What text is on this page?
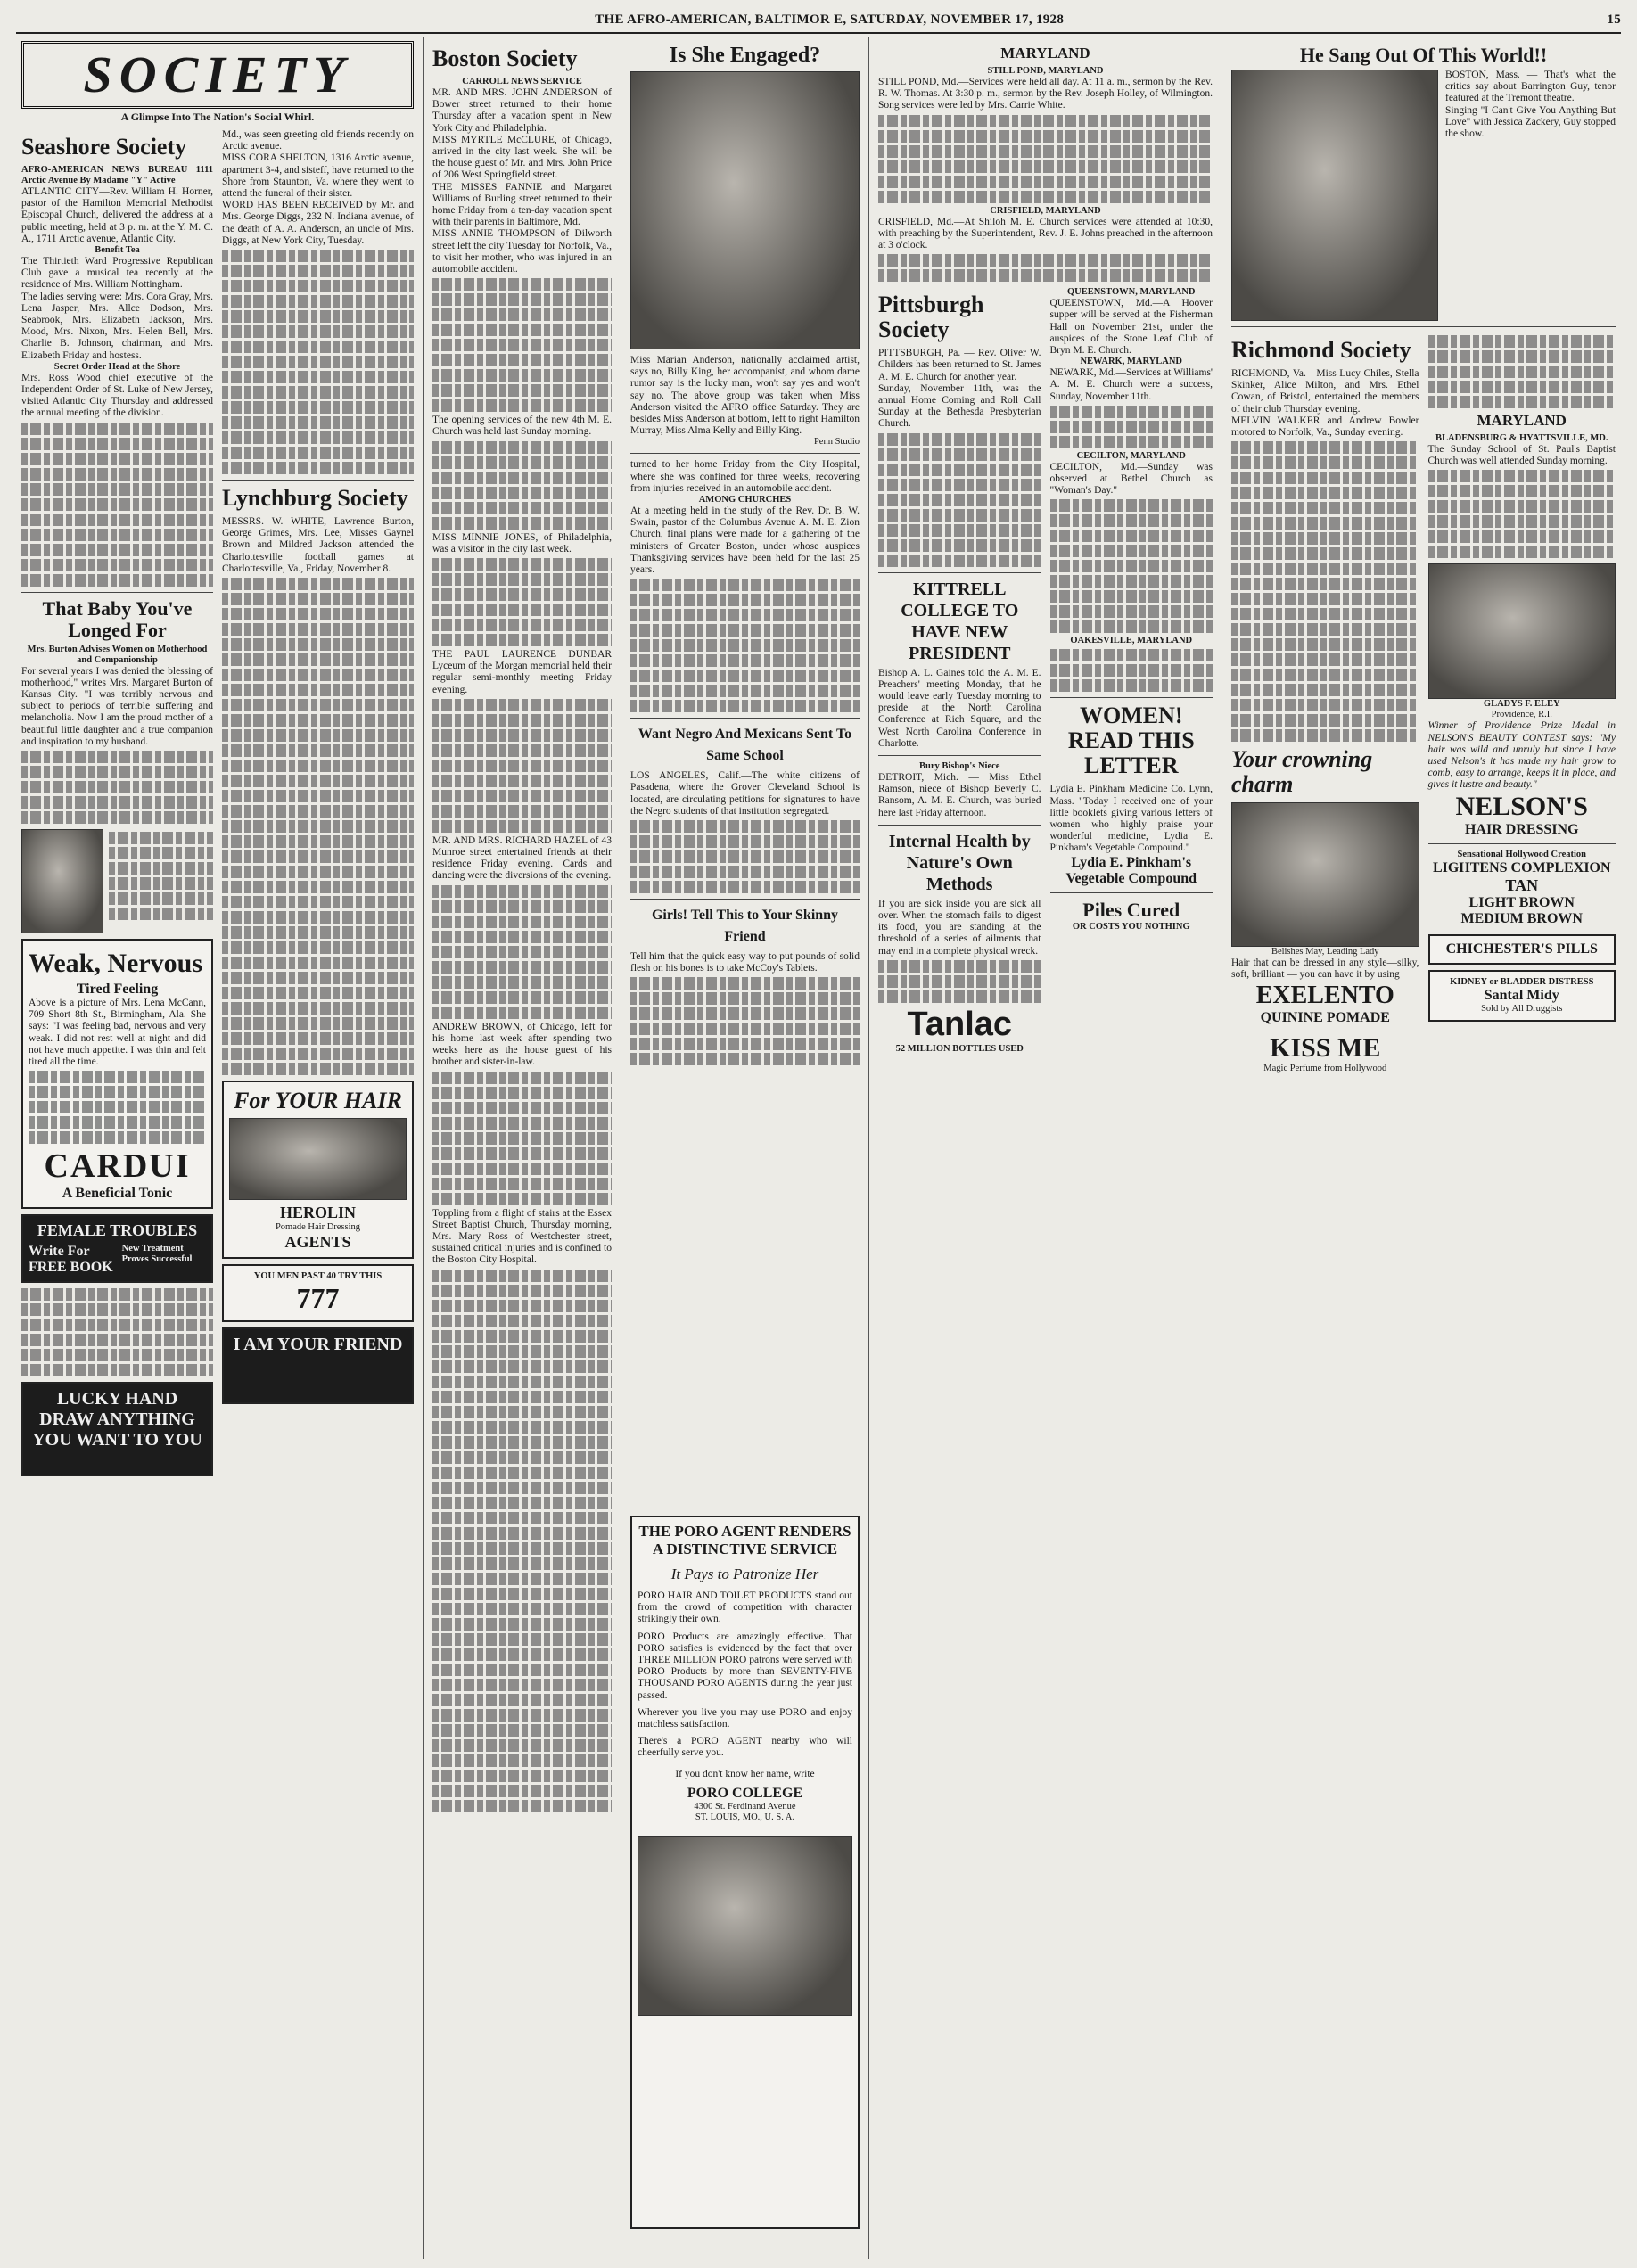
THE AFRO-AMERICAN, BALTIMOR E, SATURDAY, NOVEMBER 17, 1928	15
SOCIETY
A Glimpse Into The Nation's Social Whirl.
Seashore Society
AFRO-AMERICAN NEWS BUREAU 1111 Arctic Avenue By Madame "Y" Active
ATLANTIC CITY—Rev. William H. Horner, pastor of the Hamilton Memorial Methodist Episcopal Church, delivered the address at a public meeting, held at 3 p. m. at the Y. M. C. A., 1711 Arctic avenue, Atlantic City.
Benefit Tea
The Thirtieth Ward Progressive Republican Club gave a musical tea recently at the residence of Mrs. William Nottingham.
The ladies serving were: Mrs. Cora Gray, Mrs. Lena Jasper, Mrs. Allce Dodson, Mrs. Seabrook, Mrs. Elizabeth Jackson, Mrs. Mood, Mrs. Nixon, Mrs. Helen Bell, Mrs. Charlie B. Johnson, chairman, and Mrs. Elizabeth Friday and hostess.
Secret Order Head at the Shore
Mrs. Ross Wood chief executive of the Independent Order of St. Luke of New Jersey, visited Atlantic City Thursday and addressed the annual meeting of the division.
That Baby You've Longed For
Mrs. Burton Advises Women on Motherhood and Companionship
For several years I was denied the blessing of motherhood," writes Mrs. Margaret Burton of Kansas City. "I was terribly nervous and subject to periods of terrible suffering and melancholia. Now I am the proud mother of a beautiful little daughter and a true companion and inspiration to my husband.
Weak, Nervous
Tired Feeling
Above is a picture of Mrs. Lena McCann, 709 Short 8th St., Birmingham, Ala. She says: "I was feeling bad, nervous and very weak. I did not rest well at night and did not have much appetite. I was thin and felt tired all the time.
CARDUI
A Beneficial Tonic
FEMALE TROUBLES
Write For FREE BOOK
New Treatment Proves Successful
LUCKY HAND DRAW ANYTHING YOU WANT TO YOU
Md., was seen greeting old friends recently on Arctic avenue.
MISS CORA SHELTON, 1316 Arctic avenue, apartment 3-4, and sisteff, have returned to the Shore from Staunton, Va. where they went to attend the funeral of their sister.
WORD HAS BEEN RECEIVED by Mr. and Mrs. George Diggs, 232 N. Indiana avenue, of the death of A. A. Anderson, an uncle of Mrs. Diggs, at New York City, Tuesday.
Lynchburg Society
MESSRS. W. WHITE, Lawrence Burton, George Grimes, Mrs. Lee, Misses Gaynel Brown and Mildred Jackson attended the Charlottesville football games at Charlottesville, Va., Friday, November 8.
For YOUR HAIR
HEROLIN
Pomade Hair Dressing
AGENTS
YOU MEN PAST 40 TRY THIS
777
I AM YOUR FRIEND
Boston Society
CARROLL NEWS SERVICE
MR. AND MRS. JOHN ANDERSON of Bower street returned to their home Thursday after a vacation spent in New York City and Philadelphia.
MISS MYRTLE McCLURE, of Chicago, arrived in the city last week. She will be the house guest of Mr. and Mrs. John Price of 206 West Springfield street.
THE MISSES FANNIE and Margaret Williams of Burling street returned to their home Friday from a ten-day vacation spent with their parents in Baltimore, Md.
MISS ANNIE THOMPSON of Dilworth street left the city Tuesday for Norfolk, Va., to visit her mother, who was injured in an automobile accident.
The opening services of the new 4th M. E. Church was held last Sunday morning.
MISS MINNIE JONES, of Philadelphia, was a visitor in the city last week.
THE PAUL LAURENCE DUNBAR Lyceum of the Morgan memorial held their regular semi-monthly meeting Friday evening.
MR. AND MRS. RICHARD HAZEL of 43 Munroe street entertained friends at their residence Friday evening. Cards and dancing were the diversions of the evening.
ANDREW BROWN, of Chicago, left for his home last week after spending two weeks here as the house guest of his brother and sister-in-law.
Toppling from a flight of stairs at the Essex Street Baptist Church, Thursday morning, Mrs. Mary Ross of Westchester street, sustained critical injuries and is confined to the Boston City Hospital.
Is She Engaged?
Miss Marian Anderson, nationally acclaimed artist, says no, Billy King, her accompanist, and whom dame rumor say is the lucky man, won't say yes and won't say no. The above group was taken when Miss Anderson visited the AFRO office Saturday. They are besides Miss Anderson at bottom, left to right Hamilton Murray, Miss Alma Kelly and Billy King.
Penn Studio
turned to her home Friday from the City Hospital, where she was confined for three weeks, recovering from injuries received in an automobile accident.
AMONG CHURCHES
At a meeting held in the study of the Rev. Dr. B. W. Swain, pastor of the Columbus Avenue A. M. E. Zion Church, final plans were made for a gathering of the ministers of Greater Boston, under whose auspices Thanksgiving services have been held for the last 25 years.
Want Negro And Mexicans Sent To Same School
LOS ANGELES, Calif.—The white citizens of Pasadena, where the Grover Cleveland School is located, are circulating petitions for signatures to have the Negro students of that institution segregated.
Girls! Tell This to Your Skinny Friend
Tell him that the quick easy way to put pounds of solid flesh on his bones is to take McCoy's Tablets.
MARYLAND
STILL POND, MARYLAND
STILL POND, Md.—Services were held all day. At 11 a. m., sermon by the Rev. R. W. Thomas. At 3:30 p. m., sermon by the Rev. Joseph Holley, of Wilmington. Song services were led by Mrs. Carrie White.
CRISFIELD, MARYLAND
CRISFIELD, Md.—At Shiloh M. E. Church services were attended at 10:30, with preaching by the Superintendent, Rev. J. E. Johns preached in the afternoon at 3 o'clock.
Pittsburgh Society
PITTSBURGH, Pa. — Rev. Oliver W. Childers has been returned to St. James A. M. E. Church for another year.
Sunday, November 11th, was the annual Home Coming and Roll Call Sunday at the Bethesda Presbyterian Church.
KITTRELL COLLEGE TO HAVE NEW PRESIDENT
Bishop A. L. Gaines told the A. M. E. Preachers' meeting Monday, that he would leave early Tuesday morning to preside at the North Carolina Conference at Rich Square, and the West North Carolina Conference in Charlotte.
Bury Bishop's Niece
DETROIT, Mich. — Miss Ethel Ramson, niece of Bishop Beverly C. Ransom, A. M. E. Church, was buried here last Friday afternoon.
Internal Health by Nature's Own Methods
If you are sick inside you are sick all over. When the stomach fails to digest its food, you are standing at the threshold of a series of ailments that may end in a complete physical wreck.
Tanlac
52 MILLION BOTTLES USED
QUEENSTOWN, MARYLAND
QUEENSTOWN, Md.—A Hoover supper will be served at the Fisherman Hall on November 21st, under the auspices of the Stone Leaf Club of Bryn M. E. Church.
NEWARK, MARYLAND
NEWARK, Md.—Services at Williams' A. M. E. Church were a success, Sunday, November 11th.
CECILTON, MARYLAND
CECILTON, Md.—Sunday was observed at Bethel Church as "Woman's Day."
OAKESVILLE, MARYLAND
WOMEN! READ THIS LETTER
Lydia E. Pinkham Medicine Co. Lynn, Mass. "Today I received one of your little booklets giving various letters of women who highly praise your wonderful medicine, Lydia E. Pinkham's Vegetable Compound."
Lydia E. Pinkham's Vegetable Compound
Piles Cured
OR COSTS YOU NOTHING
He Sang Out Of This World!!
BOSTON, Mass. — That's what the critics say about Barrington Guy, tenor featured at the Tremont theatre.
Singing "I Can't Give You Anything But Love" with Jessica Zackery, Guy stopped the show.
Richmond Society
RICHMOND, Va.—Miss Lucy Chiles, Stella Skinker, Alice Milton, and Mrs. Ethel Cowan, of Bristol, entertained the members of their club Thursday evening.
MELVIN WALKER and Andrew Bowler motored to Norfolk, Va., Sunday evening.
Your crowning charm
Belishes May, Leading Lady
Hair that can be dressed in any style—silky, soft, brilliant — you can have it by using
EXELENTO
QUININE POMADE
KISS ME
Magic Perfume from Hollywood
MARYLAND
BLADENSBURG & HYATTSVILLE, MD.
The Sunday School of St. Paul's Baptist Church was well attended Sunday morning.
GLADYS F. ELEY
Providence, R.I.
Winner of Providence Prize Medal in NELSON'S BEAUTY CONTEST says: "My hair was wild and unruly but since I have used Nelson's it has made my hair grow to comb, easy to arrange, keeps it in place, and gives it lustre and beauty."
NELSON'S
HAIR DRESSING
Sensational Hollywood Creation
LIGHTENS COMPLEXION
TAN
LIGHT BROWN
MEDIUM BROWN
CHICHESTER'S PILLS
KIDNEY or BLADDER DISTRESS
Santal Midy
Sold by All Druggists
THE PORO AGENT RENDERS
A DISTINCTIVE SERVICE
It Pays to Patronize Her
PORO HAIR AND TOILET PRODUCTS stand out from the crowd of competition with character strikingly their own.
PORO Products are amazingly effective. That PORO satisfies is evidenced by the fact that over THREE MILLION PORO patrons were served with PORO Products by more than SEVENTY-FIVE THOUSAND PORO AGENTS during the year just passed.
Wherever you live you may use PORO and enjoy matchless satisfaction.
There's a PORO AGENT nearby who will cheerfully serve you.
If you don't know her name, write
PORO COLLEGE
4300 St. Ferdinand Avenue
ST. LOUIS, MO., U. S. A.
